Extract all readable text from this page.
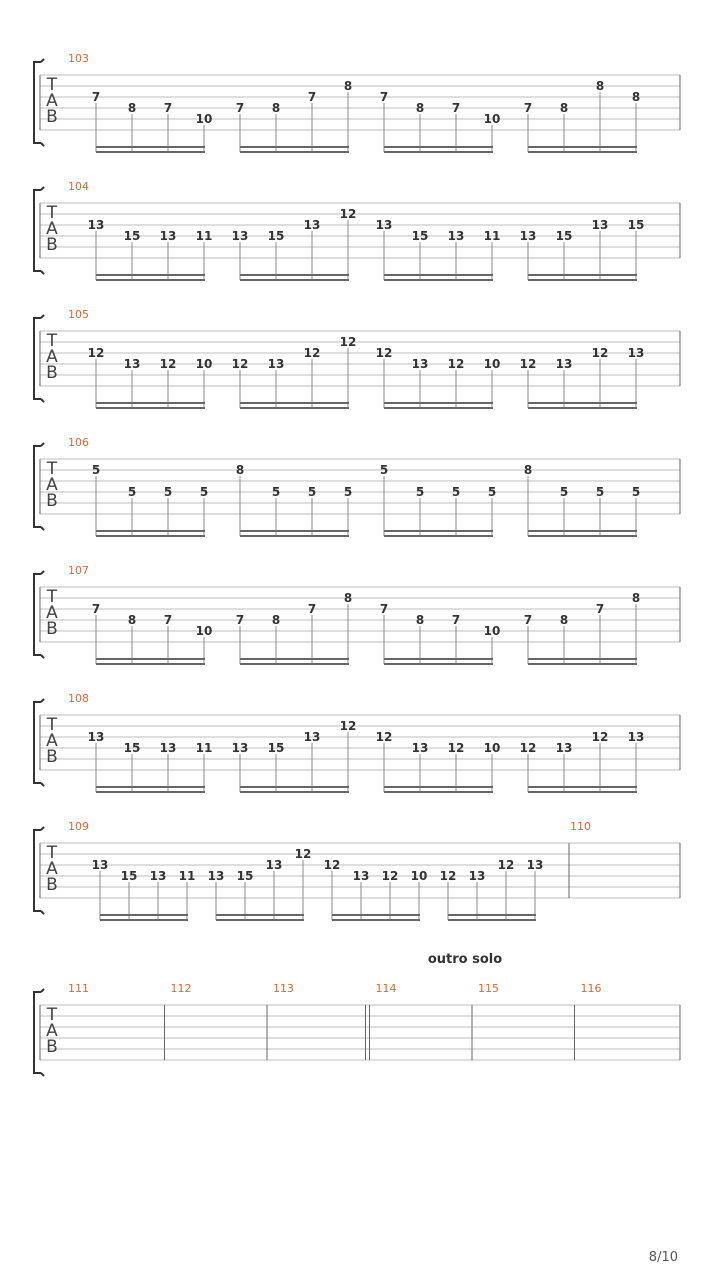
T
A
B
103
7
8 7
10
7 8
7
8
7
8 7
10
7 8
8
8
T
A
B
104
13
15 13 11 13 15
13
12
13
15 13 11 13 15
13 15
T
A
B
105
12
13 12 10 12 13
12
12
12
13 12 10 12 13
12 13
T
A
B
106
5
5 5 5
8
5 5 5
5
5 5 5
8
5 5 5
T
A
B
107
7
8 7
10
7 8
7
8
7
8 7
10
7 8
7
8
T
A
B
108
13
15 13 11 13 15
13
12
12
13 12 10 12 13
12 13
T
A
B
109
13
15 13 11 13 15
13
12
12
13 12 10 12 13
12 13
110
T
A
B
outro solo
111	112	113	114	115	116
8/10
